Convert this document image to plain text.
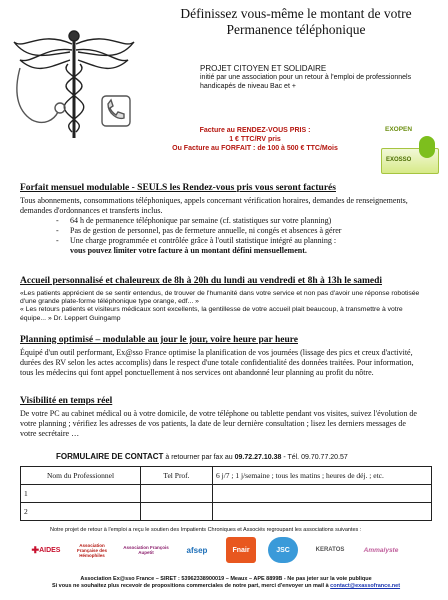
Définissez vous-même le montant de votre
Permanence téléphonique
PROJET CITOYEN ET SOLIDAIRE
initié par une association pour un retour à l'emploi de professionnels handicapés de niveau Bac et +
Facture au RENDEZ-VOUS PRIS :
1 € TTC/RV pris
Ou Facture au FORFAIT : de 100 à 500 € TTC/Mois
EXOPEN
EXOSSO
Forfait mensuel modulable - SEULS les Rendez-vous pris vous seront facturés
Tous abonnements, consommations téléphoniques, appels concernant vérification horaires, demandes de renseignements, demandes d'ordonnances et transferts inclus.
- 64 h de permanence téléphonique par semaine (cf. statistiques sur votre planning)
- Pas de gestion de personnel, pas de fermeture annuelle, ni congés et absences à gérer
- Une charge programmée et contrôlée grâce à l'outil statistique intégré au planning :
vous pouvez limiter votre facture à un montant défini mensuellement.
Accueil personnalisé et chaleureux de 8h à 20h du lundi au vendredi et 8h à 13h le samedi
«Les patients apprécient de se sentir entendus, de trouver de l'humanité dans votre service et non pas d'avoir une réponse robotisée d'une grande plate-forme téléphonique type orange, edf... »
« Les retours patients et visiteurs médicaux sont excellents, la gentillesse de votre accueil plait beaucoup, à transmettre à votre équipe... » Dr. Leppert Guingamp
Planning optimisé – modulable au jour le jour, voire heure par heure
Équipé d'un outil performant, Ex@sso France optimise la planification de vos journées (lissage des pics et creux d'activité, durées des RV selon les actes accomplis) dans le respect d'une totale confidentialité des données traitées. Pour information, tous les médecins qui font appel ponctuellement à nos services ont abandonné leur planning au profit du nôtre.
Visibilité en temps réel
De votre PC au cabinet médical ou à votre domicile, de votre téléphone ou tablette pendant vos visites, suivez l'évolution de votre planning ; vérifiez les adresses de vos patients, la date de leur dernière consultation ; lisez les derniers messages de votre secrétaire …
FORMULAIRE DE CONTACT à retourner par fax au 09.72.27.10.38 - Tél. 09.70.77.20.57
Nom du Professionnel	Tel Prof.	6 j/7 ; 1 j/semaine ; tous les matins ; heures de déj. ; etc.
1		
2		
Notre projet de retour à l'emploi a reçu le soutien des Impatients Chroniques et Associés regroupant les associations suivantes :
✚ AIDES
Association Française des Hémophiles
Association François Aupetit	afsep	Fnair	JSC	KERATOS	Ammalyste
Association Ex@sso France – SIRET : 53962338900019 – Meaux – APE 8899B - Ne pas jeter sur la voie publique
Si vous ne souhaitez plus recevoir de propositions commerciales de notre part, merci d'envoyer un mail à contact@exassofrance.net
